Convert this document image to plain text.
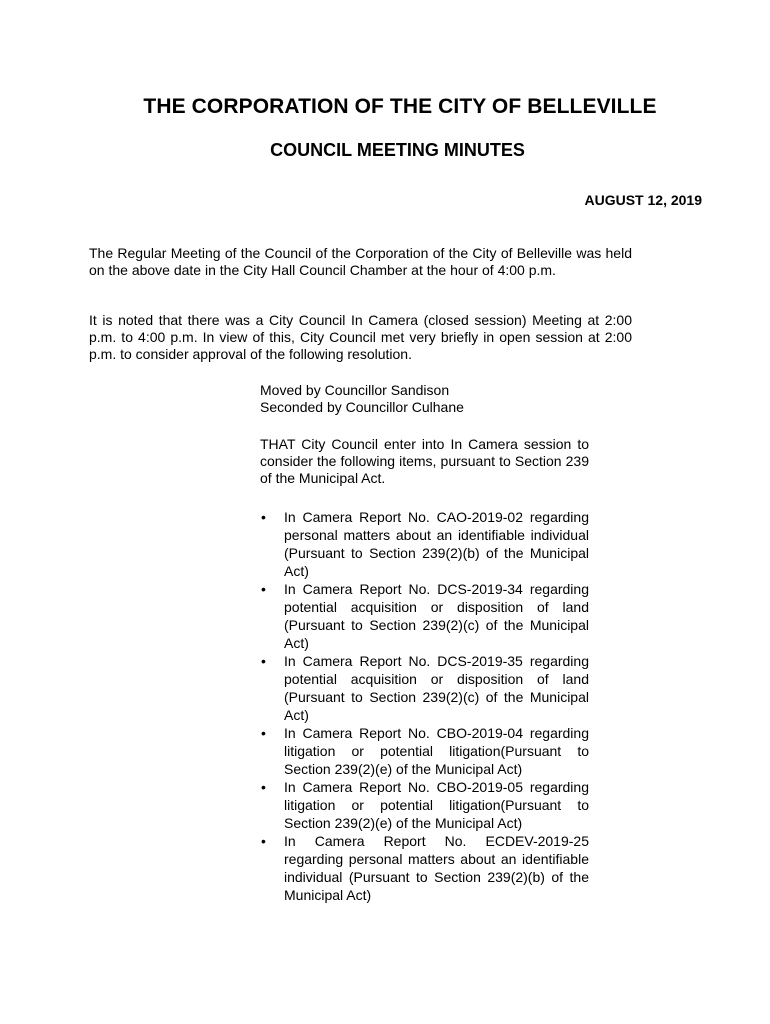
THE CORPORATION OF THE CITY OF BELLEVILLE
COUNCIL MEETING MINUTES
AUGUST 12, 2019

The Regular Meeting of the Council of the Corporation of the City of Belleville was held on the above date in the City Hall Council Chamber at the hour of 4:00 p.m.

It is noted that there was a City Council In Camera (closed session) Meeting at 2:00 p.m. to 4:00 p.m. In view of this, City Council met very briefly in open session at 2:00 p.m. to consider approval of the following resolution.

Moved by Councillor Sandison
Seconded by Councillor Culhane

THAT City Council enter into In Camera session to consider the following items, pursuant to Section 239 of the Municipal Act.

• In Camera Report No. CAO-2019-02 regarding personal matters about an identifiable individual (Pursuant to Section 239(2)(b) of the Municipal Act)
• In Camera Report No. DCS-2019-34 regarding potential acquisition or disposition of land (Pursuant to Section 239(2)(c) of the Municipal Act)
• In Camera Report No. DCS-2019-35 regarding potential acquisition or disposition of land (Pursuant to Section 239(2)(c) of the Municipal Act)
• In Camera Report No. CBO-2019-04 regarding litigation or potential litigation(Pursuant to Section 239(2)(e) of the Municipal Act)
• In Camera Report No. CBO-2019-05 regarding litigation or potential litigation(Pursuant to Section 239(2)(e) of the Municipal Act)
• In Camera Report No. ECDEV-2019-25 regarding personal matters about an identifiable individual (Pursuant to Section 239(2)(b) of the Municipal Act)
